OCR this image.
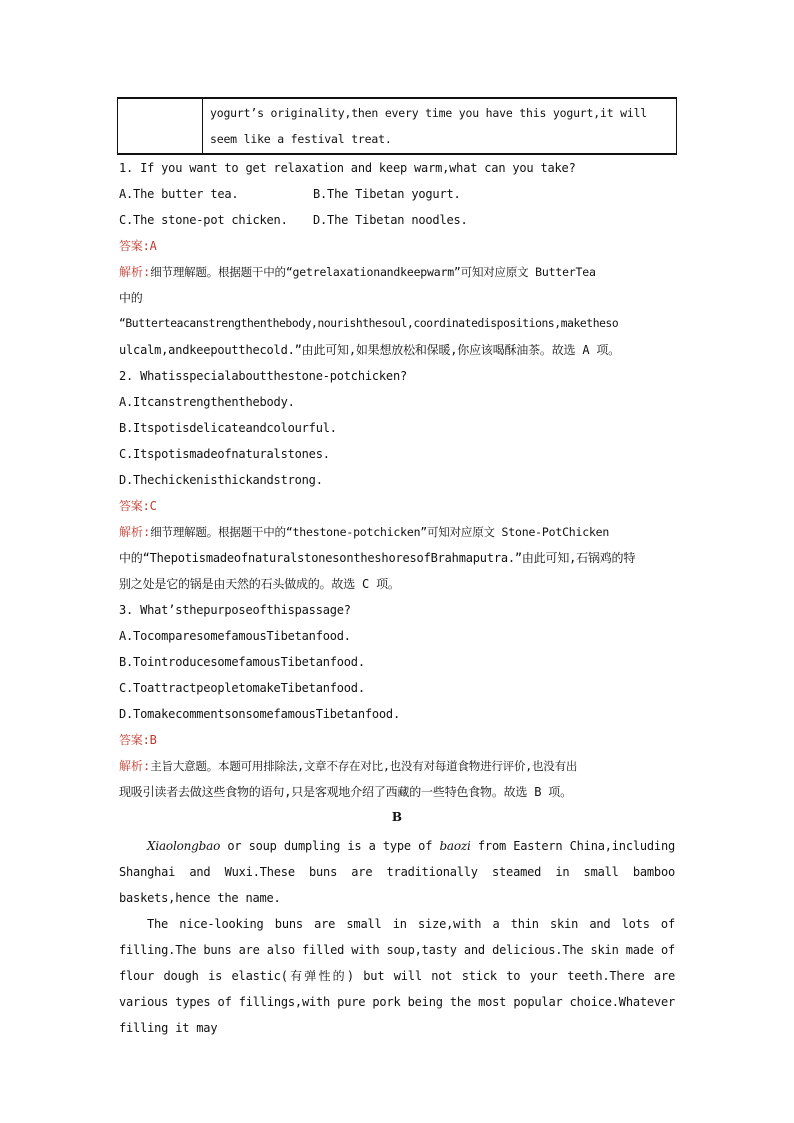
yogurt’s originality,then every time you have this yogurt,it will
seem like a festival treat.
1. If you want to get relaxation and keep warm,what can you take?
A.The butter tea.	B.The Tibetan yogurt.
C.The stone-pot chicken. D.The Tibetan noodles.
答案:A
解析:细节理解题。根据题干中的“getrelaxationandkeepwarm”可知对应原文 ButterTea
中的
“Butterteacanstrengthenthebody,nourishthesoul,coordinatedispositions,makethesо
ulcalm,andkeepoutthecold.”由此可知,如果想放松和保暖,你应该喝酥油茶。故选 A 项。
2. Whatisspecialaboutthestone-potchicken?
A.Itcanstrengthenthebody.
B.Itspotisdelicateandcolourful.
C.Itspotismadeofnaturalstones.
D.Thechickenisthickandstrong.
答案:C
解析:细节理解题。根据题干中的“thestone-potchicken”可知对应原文 Stone-PotChicken
中的“ThepotismadeofnaturalstonesontheshoresofBrahmaputra.”由此可知,石锅鸡的特
别之处是它的锅是由天然的石头做成的。故选 C 项。
3. What’sthepurposeofthispassage?
A.TocomparesomefamousTibetanfood.
B.TointroducesomefamousTibetanfood.
C.ToattractpeopletomakeTibetanfood.
D.TomakecommentsonsomefamousTibetanfood.
答案:B
解析:主旨大意题。本题可用排除法,文章不存在对比,也没有对每道食物进行评价,也没有出
现吸引读者去做这些食物的语句,只是客观地介绍了西藏的一些特色食物。故选 B 项。
B
Xiaolongbao or soup dumpling is a type of baozi from Eastern China,including Shanghai and Wuxi.These buns are traditionally steamed in small bamboo baskets,hence the name.
The nice-looking buns are small in size,with a thin skin and lots of filling.The buns are also filled with soup,tasty and delicious.The skin made of flour dough is elastic(有弹性的) but will not stick to your teeth.There are various types of fillings,with pure pork being the most popular choice.Whatever filling it may
